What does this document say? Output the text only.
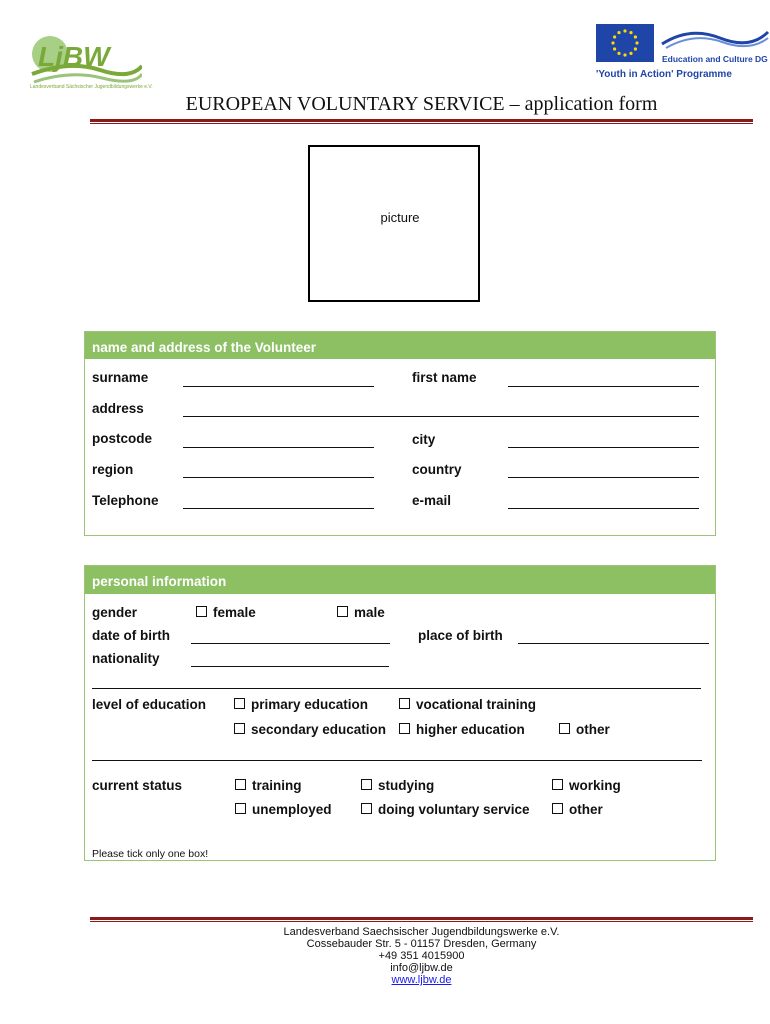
LjBW
Landesverband Sächsischer Jugendbildungswerke e.V.
Education and Culture DG
'Youth in Action' Programme
EUROPEAN VOLUNTARY SERVICE – application form
picture
name and address of the Volunteer
surname	first name
address
postcode	city
region	country
Telephone	e-mail
personal information
gender	female	male
date of birth	place of birth
nationality
level of education	primary education	vocational training
secondary education	higher education	other
current status	training	studying	working
unemployed	doing voluntary service	other
Please tick only one box!
Landesverband Saechsischer Jugendbildungswerke e.V.
Cossebauder Str. 5 - 01157 Dresden, Germany
+49 351 4015900
info@ljbw.de
www.ljbw.de
